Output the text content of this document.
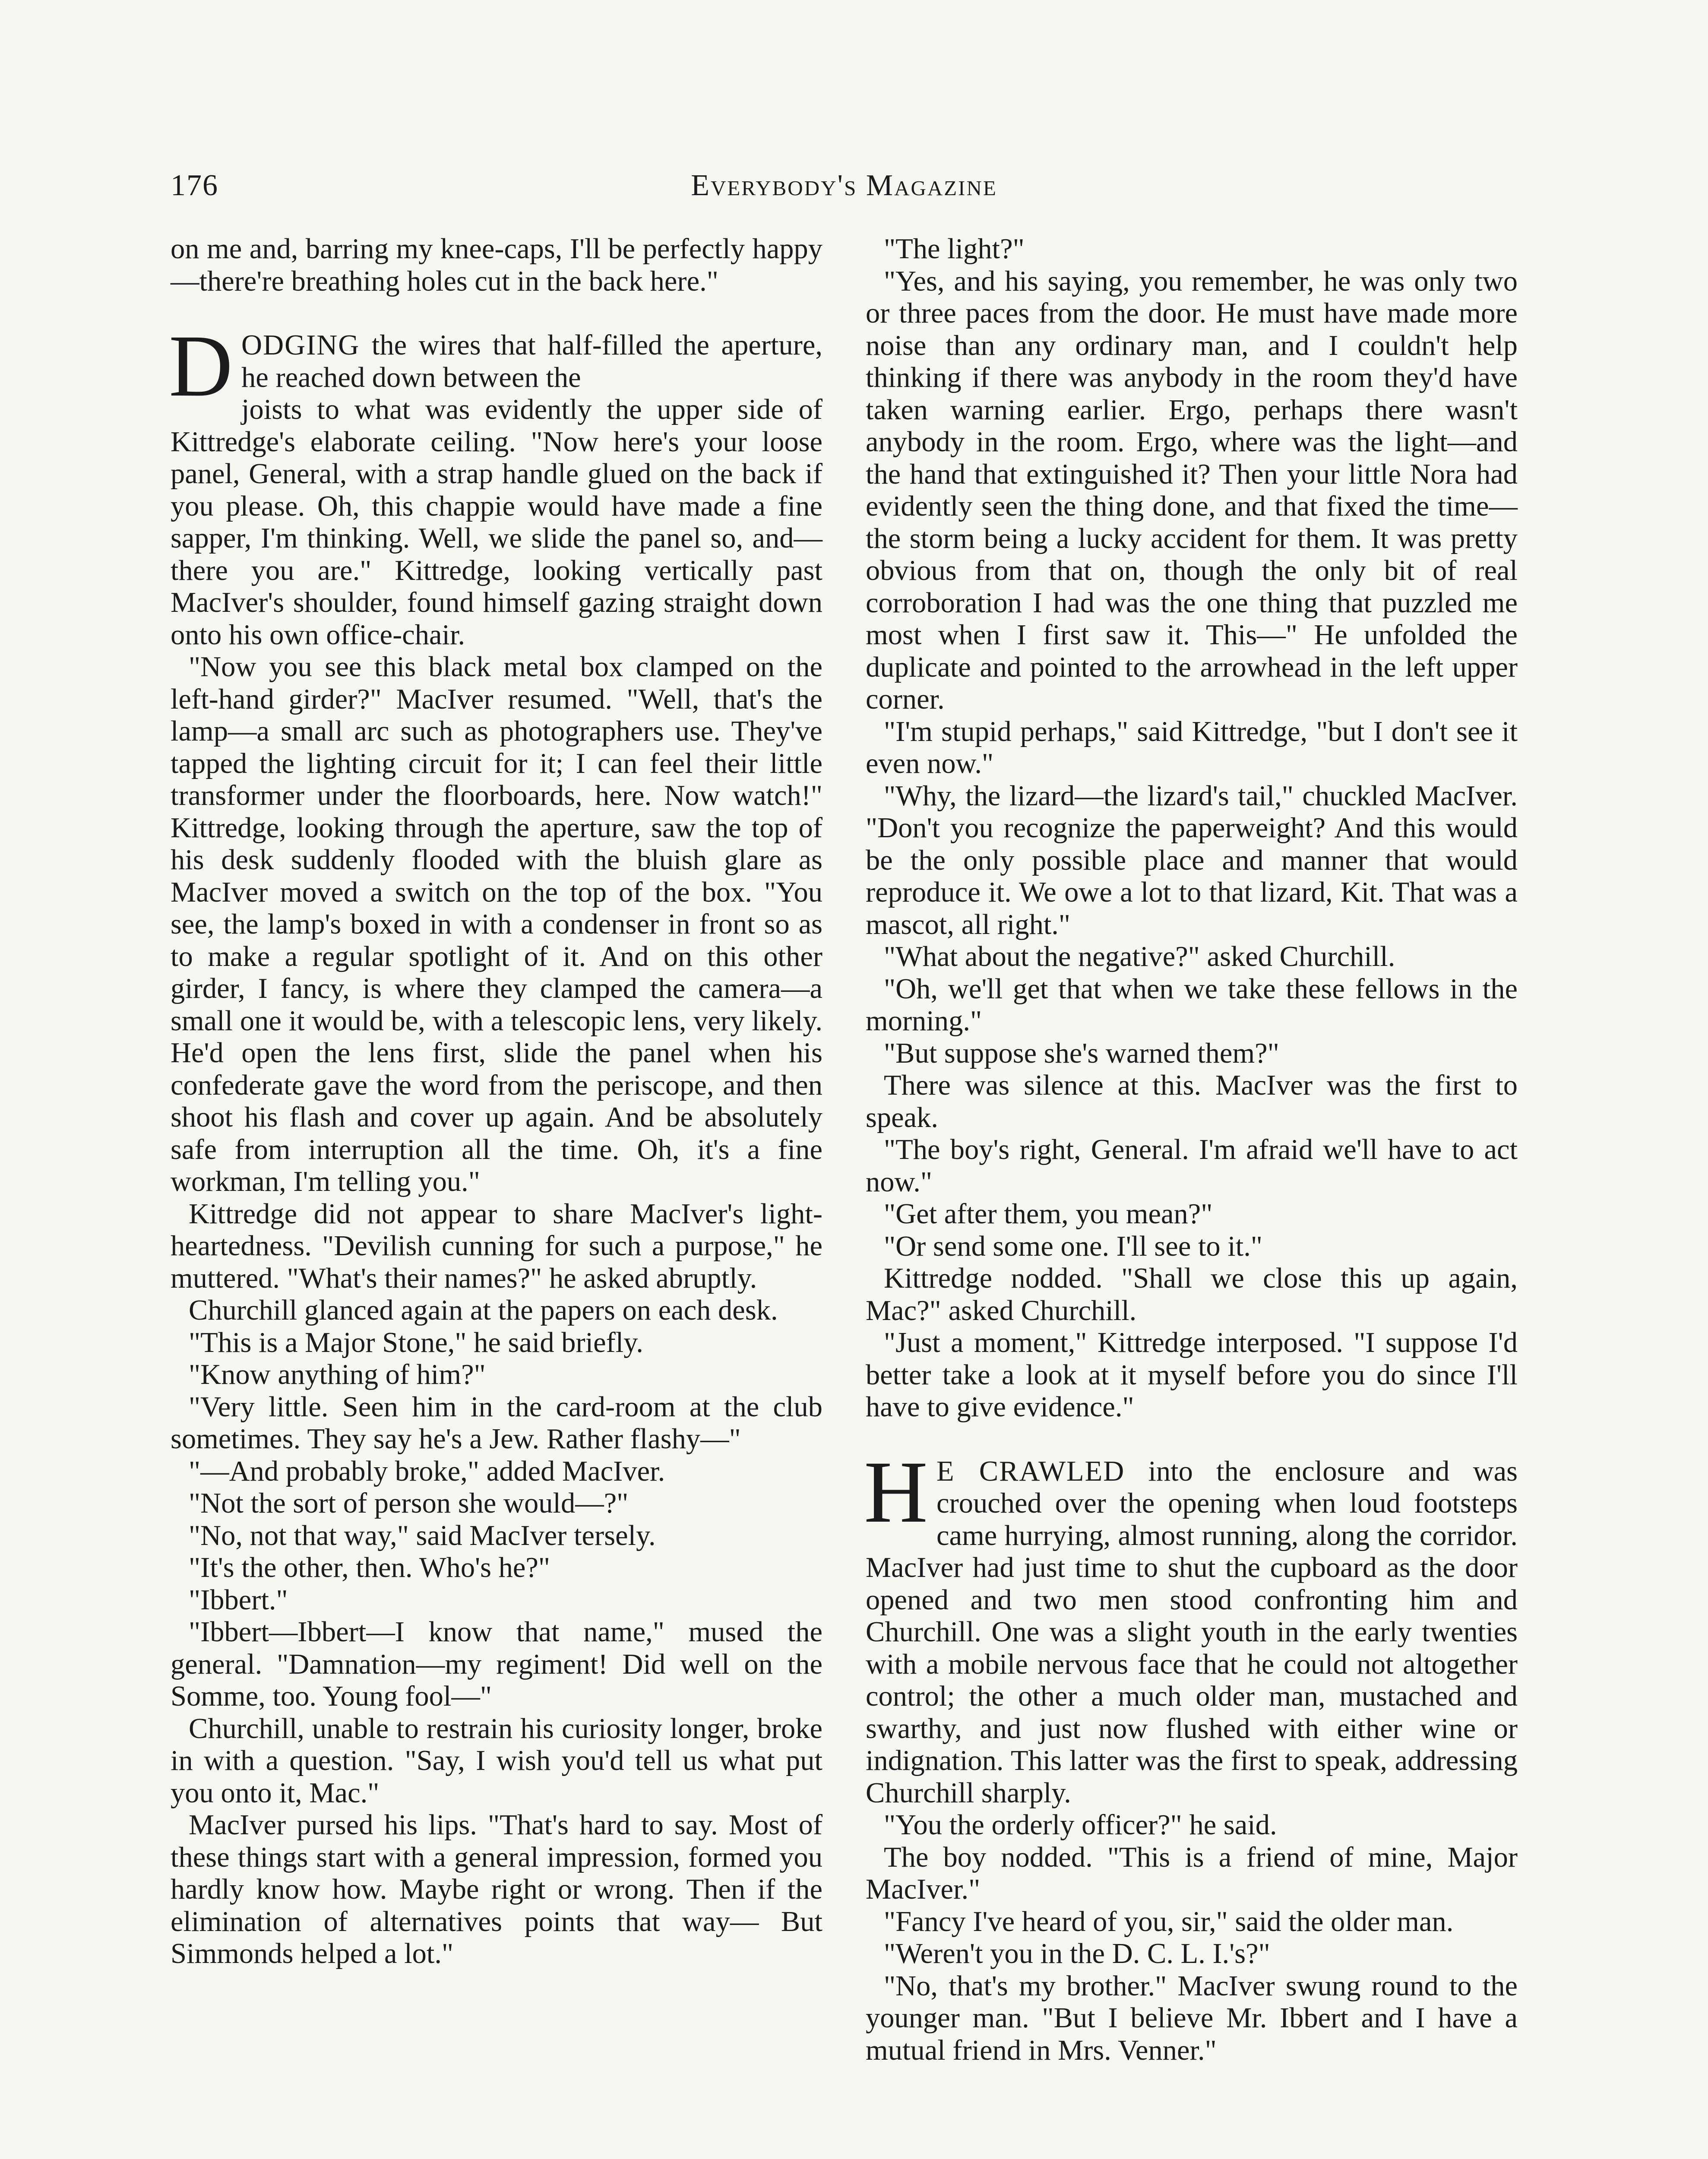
176	Everybody's Magazine

on me and, barring my knee-caps, I'll be perfectly happy—there're breathing holes cut in the back here."

DODGING the wires that half-filled the aperture, he reached down between the

joists to what was evidently the upper side of Kittredge's elaborate ceiling. "Now here's your loose panel, General, with a strap handle glued on the back if you please. Oh, this chappie would have made a fine sapper, I'm thinking. Well, we slide the panel so, and—there you are." Kittredge, looking vertically past MacIver's shoulder, found himself gazing straight down onto his own office-chair.

"Now you see this black metal box clamped on the left-hand girder?" MacIver resumed. "Well, that's the lamp—a small arc such as photographers use. They've tapped the lighting circuit for it; I can feel their little transformer under the floorboards, here. Now watch!" Kittredge, looking through the aperture, saw the top of his desk suddenly flooded with the bluish glare as MacIver moved a switch on the top of the box. "You see, the lamp's boxed in with a condenser in front so as to make a regular spotlight of it. And on this other girder, I fancy, is where they clamped the camera—a small one it would be, with a telescopic lens, very likely. He'd open the lens first, slide the panel when his confederate gave the word from the periscope, and then shoot his flash and cover up again. And be absolutely safe from interruption all the time. Oh, it's a fine workman, I'm telling you."

Kittredge did not appear to share MacIver's light-heartedness. "Devilish cunning for such a purpose," he muttered. "What's their names?" he asked abruptly.

Churchill glanced again at the papers on each desk.

"This is a Major Stone," he said briefly.

"Know anything of him?"

"Very little. Seen him in the card-room at the club sometimes. They say he's a Jew. Rather flashy—"

"—And probably broke," added MacIver.

"Not the sort of person she would—?"

"No, not that way," said MacIver tersely.

"It's the other, then. Who's he?"

"Ibbert."

"Ibbert—Ibbert—I know that name," mused the general. "Damnation—my regiment! Did well on the Somme, too. Young fool—"

Churchill, unable to restrain his curiosity longer, broke in with a question. "Say, I wish you'd tell us what put you onto it, Mac."

MacIver pursed his lips. "That's hard to say. Most of these things start with a general impression, formed you hardly know how. Maybe right or wrong. Then if the elimination of alternatives points that way— But Simmonds helped a lot."

"The light?"

"Yes, and his saying, you remember, he was only two or three paces from the door. He must have made more noise than any ordinary man, and I couldn't help thinking if there was anybody in the room they'd have taken warning earlier. Ergo, perhaps there wasn't anybody in the room. Ergo, where was the light—and the hand that extinguished it? Then your little Nora had evidently seen the thing done, and that fixed the time—the storm being a lucky accident for them. It was pretty obvious from that on, though the only bit of real corroboration I had was the one thing that puzzled me most when I first saw it. This—" He unfolded the duplicate and pointed to the arrowhead in the left upper corner.

"I'm stupid perhaps," said Kittredge, "but I don't see it even now."

"Why, the lizard—the lizard's tail," chuckled MacIver. "Don't you recognize the paperweight? And this would be the only possible place and manner that would reproduce it. We owe a lot to that lizard, Kit. That was a mascot, all right."

"What about the negative?" asked Churchill.

"Oh, we'll get that when we take these fellows in the morning."

"But suppose she's warned them?"

There was silence at this. MacIver was the first to speak.

"The boy's right, General. I'm afraid we'll have to act now."

"Get after them, you mean?"

"Or send some one. I'll see to it."

Kittredge nodded. "Shall we close this up again, Mac?" asked Churchill.

"Just a moment," Kittredge interposed. "I suppose I'd better take a look at it myself before you do since I'll have to give evidence."

H E CRAWLED into the enclosure and was crouched over the opening when loud footsteps came hurrying, almost running, along the corridor. MacIver had just time to shut the cupboard as the door opened and two men stood confronting him and Churchill. One was a slight youth in the early twenties with a mobile nervous face that he could not altogether control; the other a much older man, mustached and swarthy, and just now flushed with either wine or indignation. This latter was the first to speak, addressing Churchill sharply.

"You the orderly officer?" he said.

The boy nodded. "This is a friend of mine, Major MacIver."

"Fancy I've heard of you, sir," said the older man.

"Weren't you in the D. C. L. I.'s?"

"No, that's my brother." MacIver swung round to the younger man. "But I believe Mr. Ibbert and I have a mutual friend in Mrs. Venner."
